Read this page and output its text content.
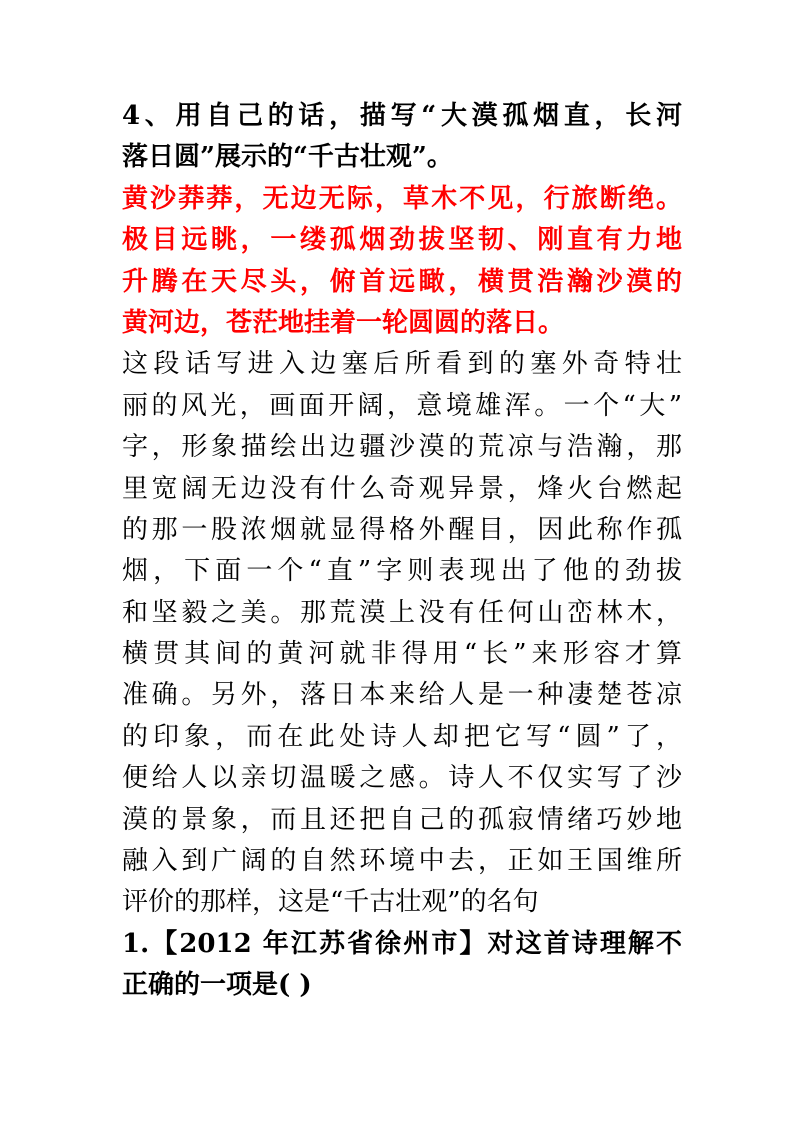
4、用自己的话，描写“大漠孤烟直，长河
落日圆”展示的“千古壮观”。
黄沙莽莽，无边无际，草木不见，行旅断绝。
极目远眺，一缕孤烟劲拔坚韧、刚直有力地
升腾在天尽头，俯首远瞰，横贯浩瀚沙漠的
黄河边，苍茫地挂着一轮圆圆的落日。
这段话写进入边塞后所看到的塞外奇特壮
丽的风光，画面开阔，意境雄浑。一个“大”
字，形象描绘出边疆沙漠的荒凉与浩瀚，那
里宽阔无边没有什么奇观异景，烽火台燃起
的那一股浓烟就显得格外醒目，因此称作孤
烟，下面一个“直”字则表现出了他的劲拔
和坚毅之美。那荒漠上没有任何山峦林木，
横贯其间的黄河就非得用“长”来形容才算
准确。另外，落日本来给人是一种凄楚苍凉
的印象，而在此处诗人却把它写“圆”了，
便给人以亲切温暖之感。诗人不仅实写了沙
漠的景象，而且还把自己的孤寂情绪巧妙地
融入到广阔的自然环境中去，正如王国维所
评价的那样，这是“千古壮观”的名句
1.【2012 年江苏省徐州市】对这首诗理解不
正确的一项是( )
